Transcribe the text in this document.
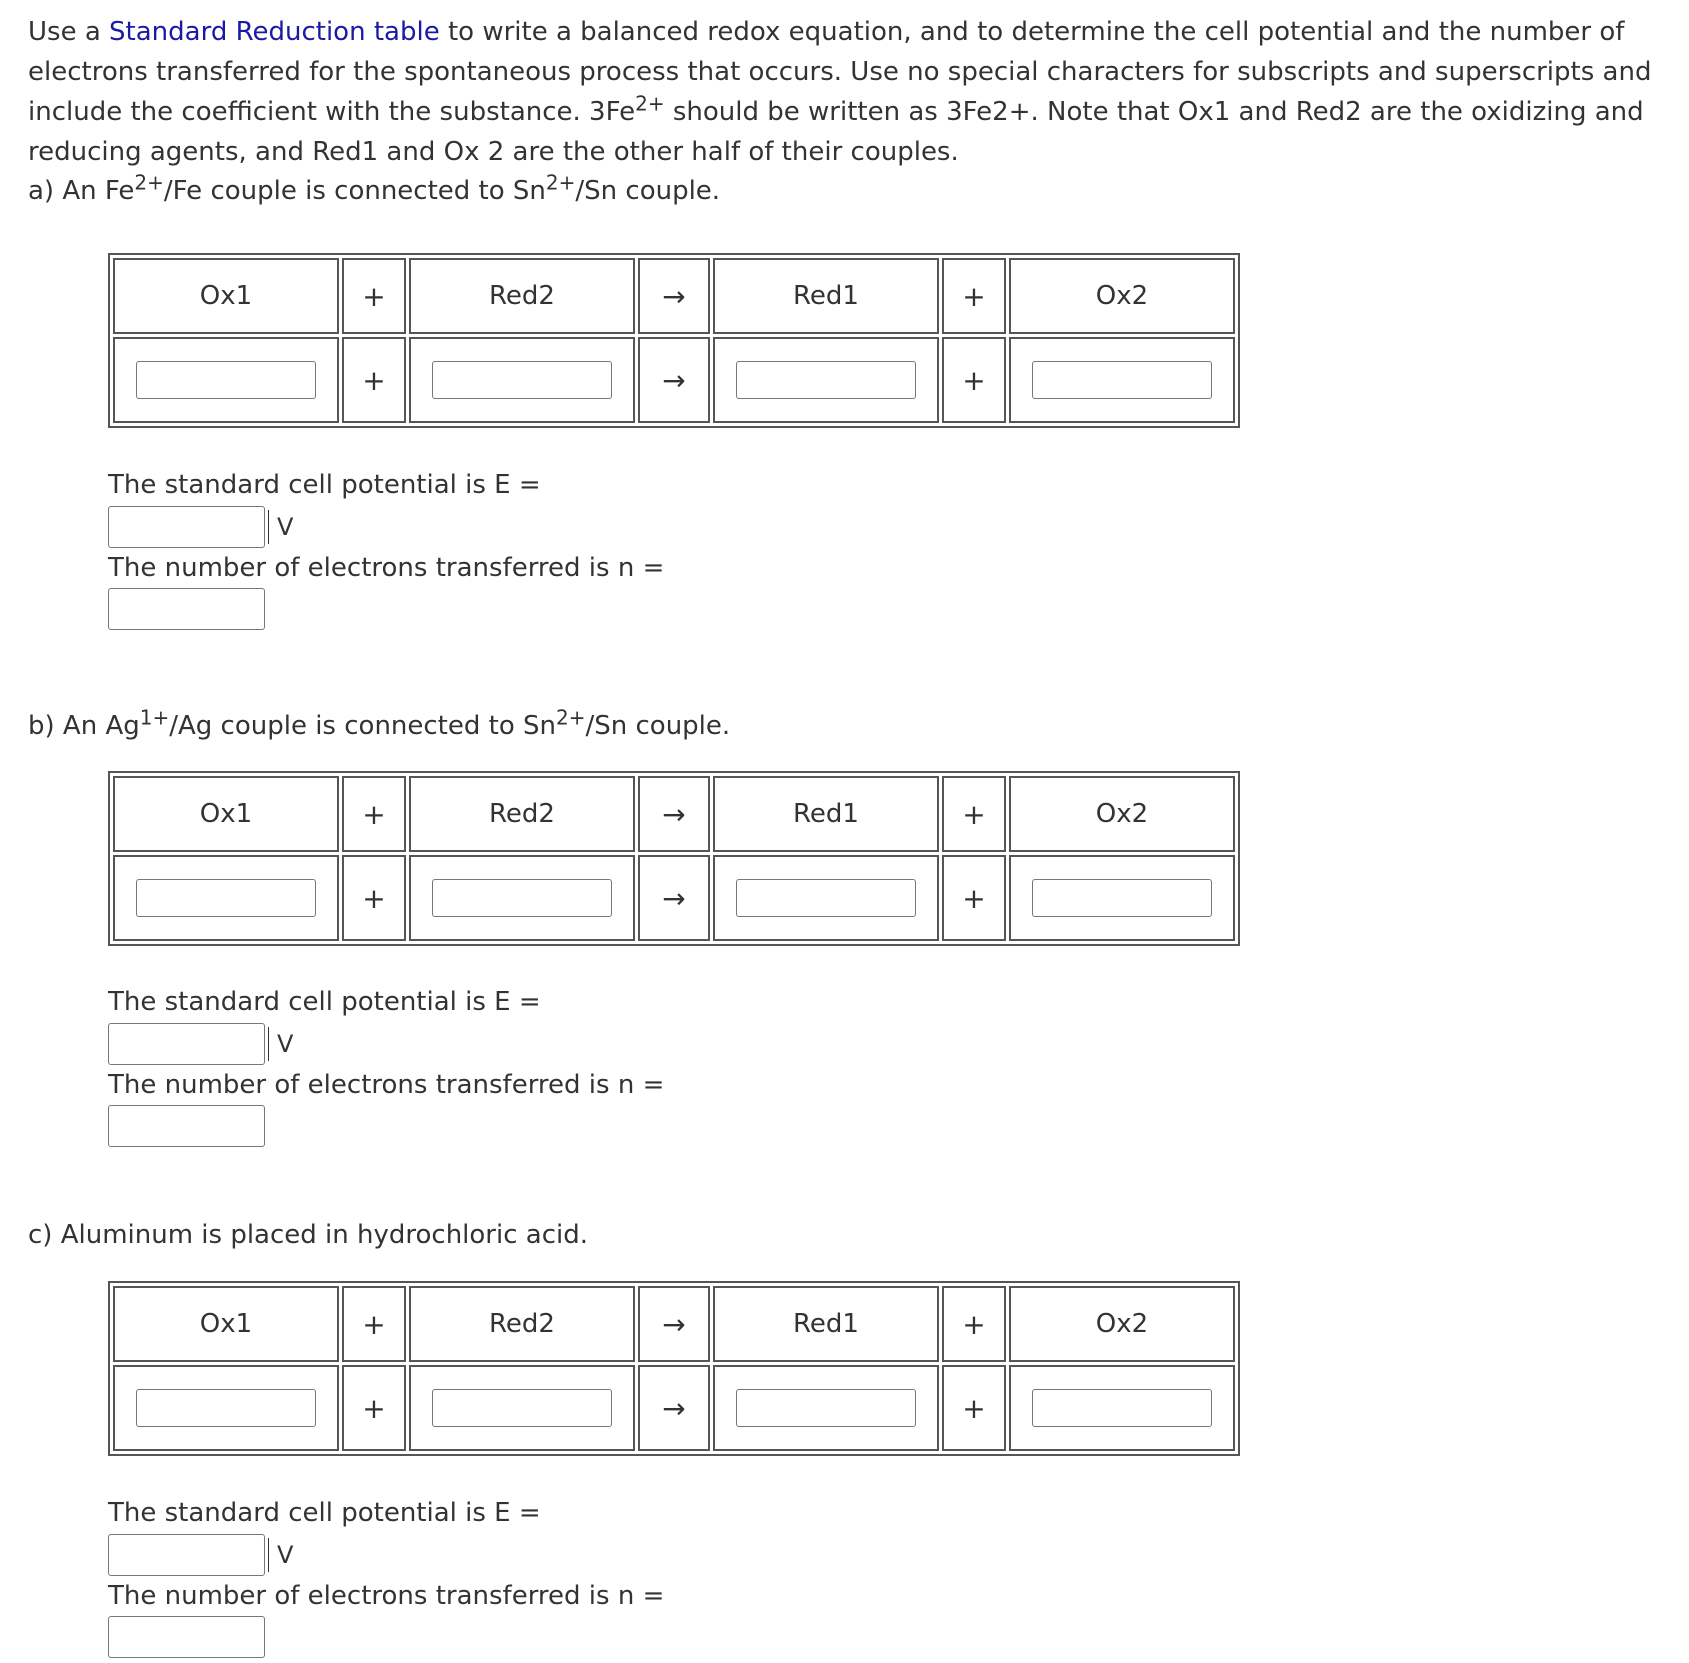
Use a Standard Reduction table to write a balanced redox equation, and to determine the cell potential and the number of electrons transferred for the spontaneous process that occurs. Use no special characters for subscripts and superscripts and include the coefficient with the substance. $3Fe^{2+}$ should be written as 3Fe2+. Note that Ox1 and Red2 are the oxidizing and reducing agents, and Red1 and Ox 2 are the other half of their couples.

a) An $Fe^{2+}/Fe$ couple is connected to $Sn^{2+}/Sn$ couple.

Ox1	+	Red2	→	Red1	+	Ox2
	+		→		+	

The standard cell potential is E =

V

The number of electrons transferred is n =

b) An $Ag^{1+}/Ag$ couple is connected to $Sn^{2+}/Sn$ couple.

Ox1	+	Red2	→	Red1	+	Ox2
	+		→		+	

The standard cell potential is E =

V

The number of electrons transferred is n =

c) Aluminum is placed in hydrochloric acid.

Ox1	+	Red2	→	Red1	+	Ox2
	+		→		+	

The standard cell potential is E =

V

The number of electrons transferred is n =
